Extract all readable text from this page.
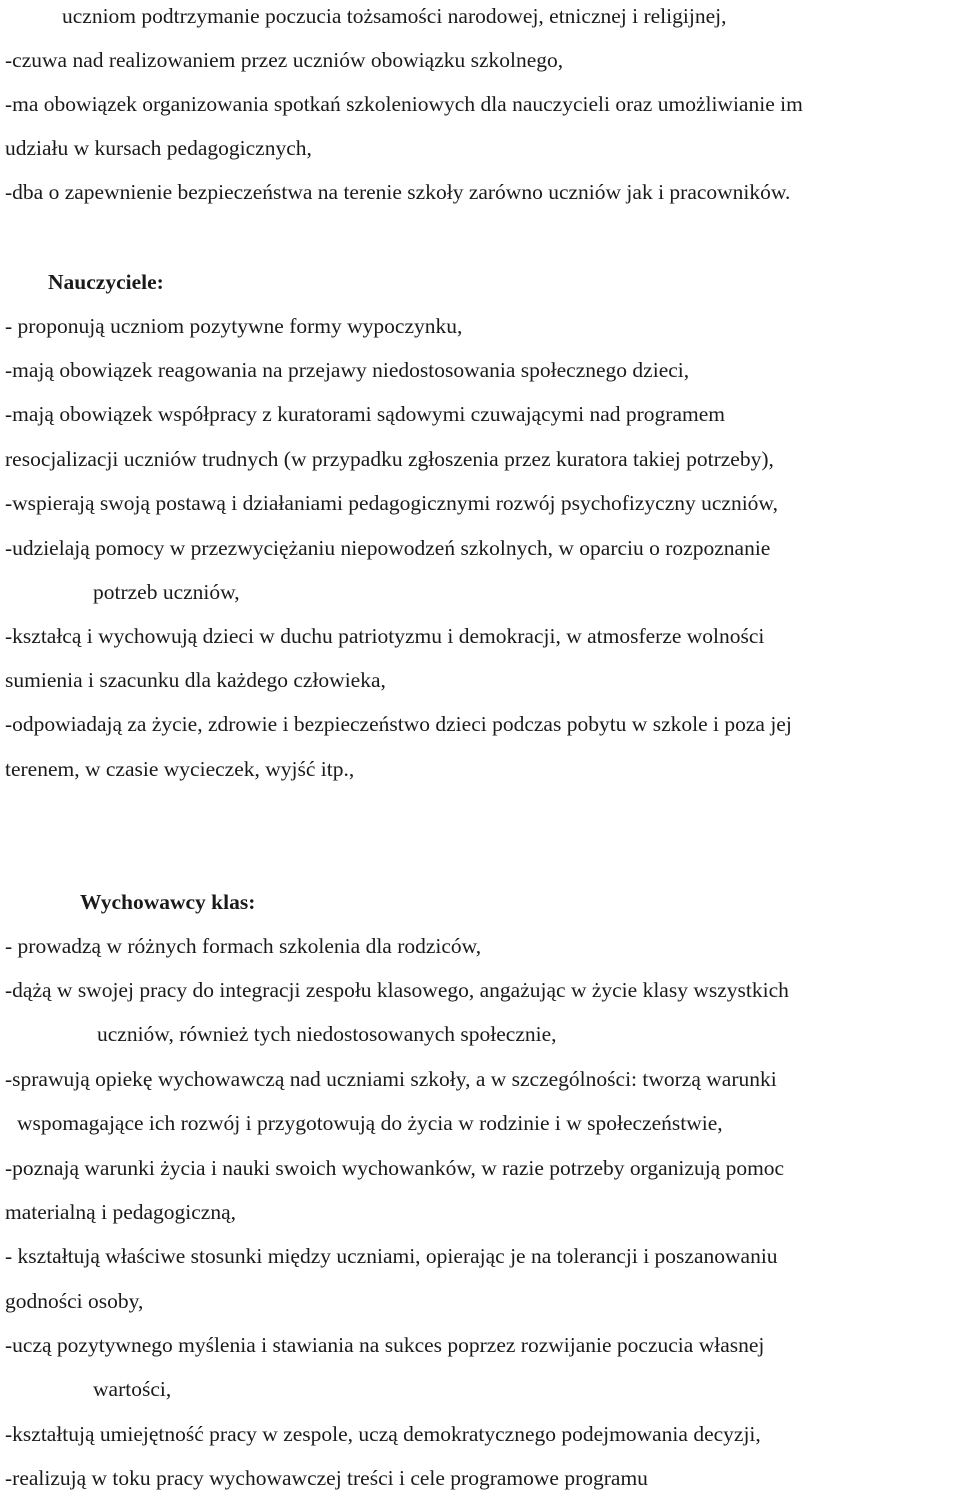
uczniom podtrzymanie poczucia tożsamości narodowej, etnicznej i religijnej,
-czuwa nad realizowaniem przez uczniów obowiązku szkolnego,
-ma obowiązek organizowania spotkań szkoleniowych dla nauczycieli oraz umożliwianie im
udziału w kursach pedagogicznych,
-dba o zapewnienie bezpieczeństwa na terenie szkoły zarówno uczniów jak i pracowników.
Nauczyciele:
- proponują uczniom pozytywne formy wypoczynku,
-mają obowiązek reagowania na przejawy niedostosowania społecznego dzieci,
-mają obowiązek współpracy z kuratorami sądowymi czuwającymi nad programem
resocjalizacji uczniów trudnych (w przypadku zgłoszenia przez kuratora takiej potrzeby),
-wspierają swoją postawą i działaniami pedagogicznymi rozwój psychofizyczny uczniów,
-udzielają pomocy w przezwyciężaniu niepowodzeń szkolnych, w oparciu o rozpoznanie
potrzeb uczniów,
-kształcą i wychowują dzieci w duchu patriotyzmu i demokracji, w atmosferze wolności
sumienia i szacunku dla każdego człowieka,
-odpowiadają za życie, zdrowie i bezpieczeństwo dzieci podczas pobytu w szkole i poza jej
terenem, w czasie wycieczek, wyjść itp.,
Wychowawcy klas:
- prowadzą w różnych formach szkolenia dla rodziców,
-dążą w swojej pracy do integracji zespołu klasowego, angażując w życie klasy wszystkich
uczniów, również tych niedostosowanych społecznie,
-sprawują opiekę wychowawczą nad uczniami szkoły, a w szczególności: tworzą warunki
wspomagające ich rozwój i przygotowują do życia w rodzinie i w społeczeństwie,
-poznają warunki życia i nauki swoich wychowanków, w razie potrzeby organizują pomoc
materialną i pedagogiczną,
- kształtują właściwe stosunki między uczniami, opierając je na tolerancji i poszanowaniu
godności osoby,
-uczą pozytywnego myślenia i stawiania na sukces poprzez rozwijanie poczucia własnej
wartości,
-kształtują umiejętność pracy w zespole, uczą demokratycznego podejmowania decyzji,
-realizują w toku pracy wychowawczej treści i cele programowe programu
